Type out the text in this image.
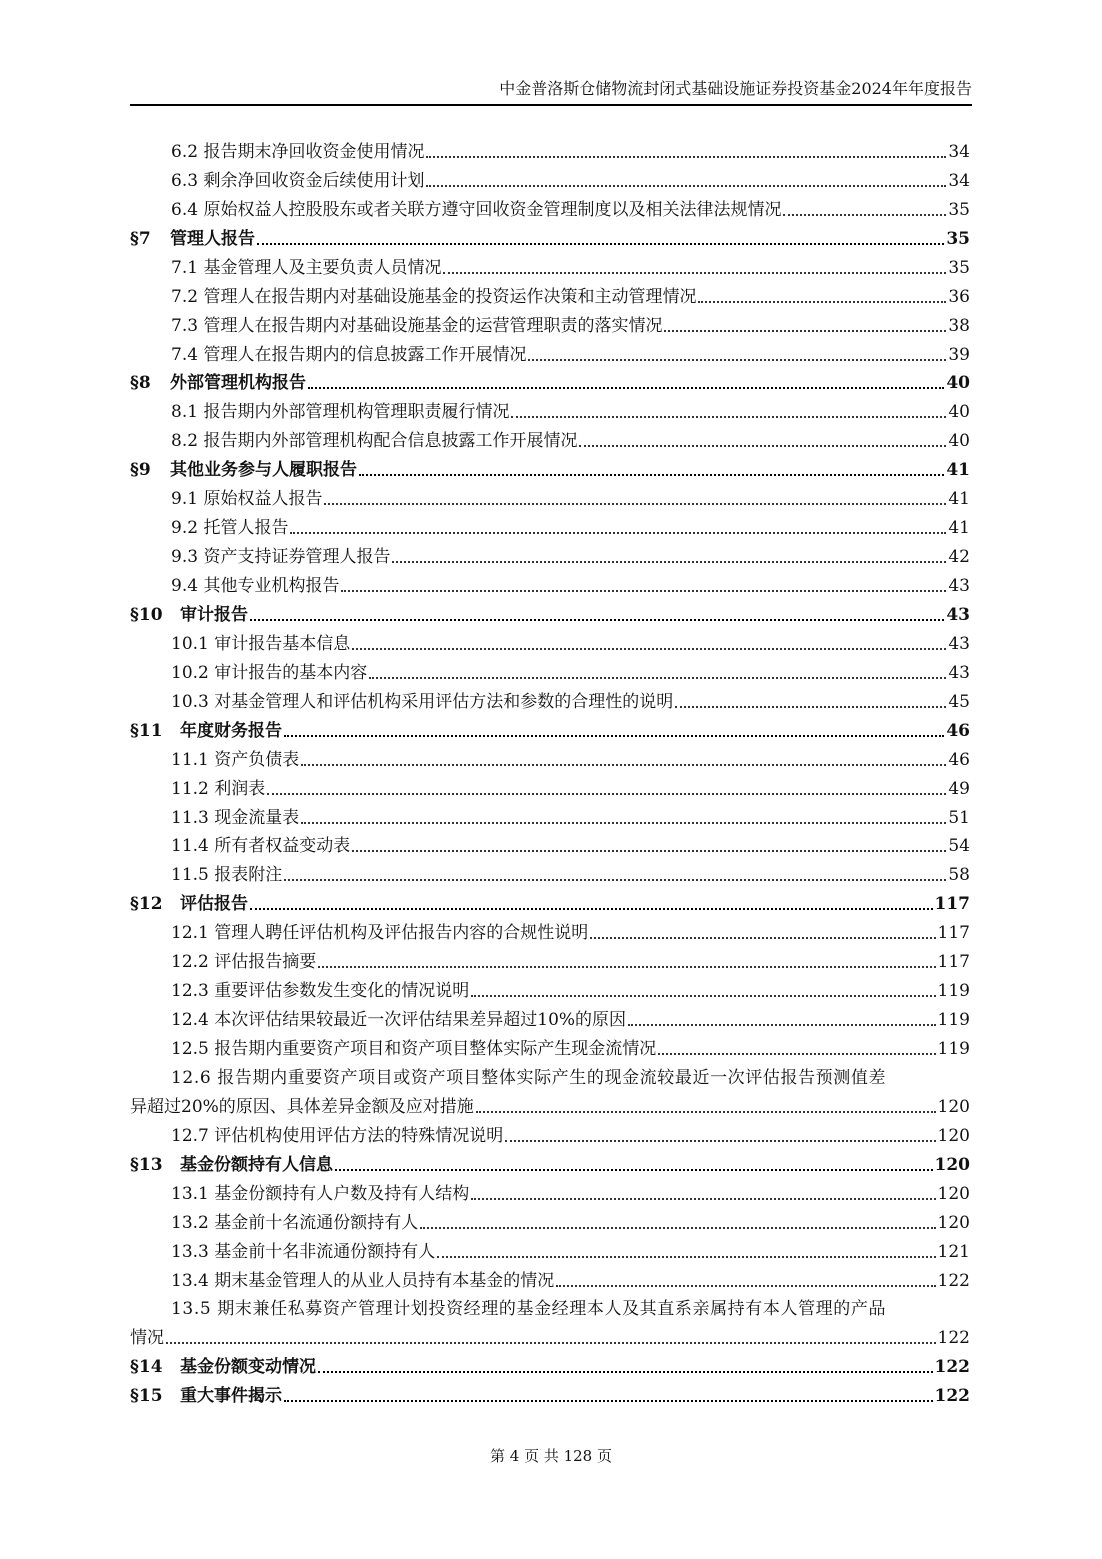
中金普洛斯仓储物流封闭式基础设施证券投资基金2024年年度报告
6.2 报告期末净回收资金使用情况	34
6.3 剩余净回收资金后续使用计划	34
6.4 原始权益人控股股东或者关联方遵守回收资金管理制度以及相关法律法规情况	35
§7 管理人报告	35
7.1 基金管理人及主要负责人员情况	35
7.2 管理人在报告期内对基础设施基金的投资运作决策和主动管理情况	36
7.3 管理人在报告期内对基础设施基金的运营管理职责的落实情况	38
7.4 管理人在报告期内的信息披露工作开展情况	39
§8 外部管理机构报告	40
8.1 报告期内外部管理机构管理职责履行情况	40
8.2 报告期内外部管理机构配合信息披露工作开展情况	40
§9 其他业务参与人履职报告	41
9.1 原始权益人报告	41
9.2 托管人报告	41
9.3 资产支持证券管理人报告	42
9.4 其他专业机构报告	43
§10 审计报告	43
10.1 审计报告基本信息	43
10.2 审计报告的基本内容	43
10.3 对基金管理人和评估机构采用评估方法和参数的合理性的说明	45
§11 年度财务报告	46
11.1 资产负债表	46
11.2 利润表	49
11.3 现金流量表	51
11.4 所有者权益变动表	54
11.5 报表附注	58
§12 评估报告	117
12.1 管理人聘任评估机构及评估报告内容的合规性说明	117
12.2 评估报告摘要	117
12.3 重要评估参数发生变化的情况说明	119
12.4 本次评估结果较最近一次评估结果差异超过10%的原因	119
12.5 报告期内重要资产项目和资产项目整体实际产生现金流情况	119
12.6 报告期内重要资产项目或资产项目整体实际产生的现金流较最近一次评估报告预测值差
异超过20%的原因、具体差异金额及应对措施	120
12.7 评估机构使用评估方法的特殊情况说明	120
§13 基金份额持有人信息	120
13.1 基金份额持有人户数及持有人结构	120
13.2 基金前十名流通份额持有人	120
13.3 基金前十名非流通份额持有人	121
13.4 期末基金管理人的从业人员持有本基金的情况	122
13.5 期末兼任私募资产管理计划投资经理的基金经理本人及其直系亲属持有本人管理的产品
情况	122
§14 基金份额变动情况	122
§15 重大事件揭示	122
第 4 页 共 128 页
